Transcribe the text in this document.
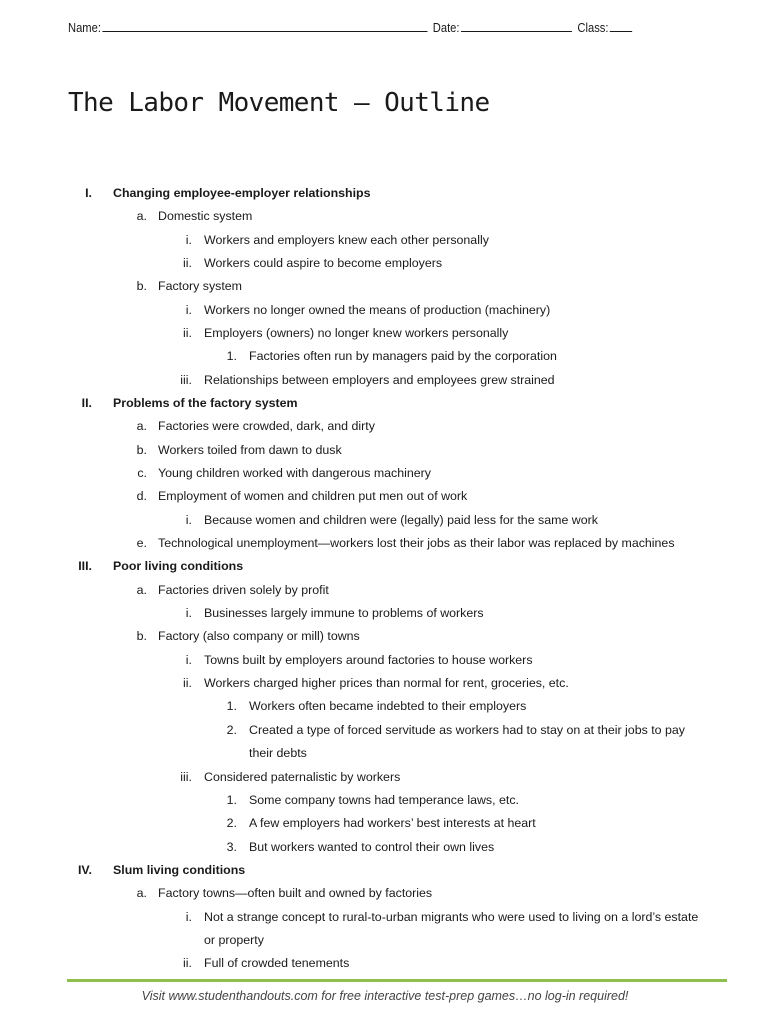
Name:	Date:	Class:
The Labor Movement – Outline
I. Changing employee-employer relationships
a. Domestic system
i. Workers and employers knew each other personally
ii. Workers could aspire to become employers
b. Factory system
i. Workers no longer owned the means of production (machinery)
ii. Employers (owners) no longer knew workers personally
1. Factories often run by managers paid by the corporation
iii. Relationships between employers and employees grew strained
II. Problems of the factory system
a. Factories were crowded, dark, and dirty
b. Workers toiled from dawn to dusk
c. Young children worked with dangerous machinery
d. Employment of women and children put men out of work
i. Because women and children were (legally) paid less for the same work
e. Technological unemployment—workers lost their jobs as their labor was replaced by machines
III. Poor living conditions
a. Factories driven solely by profit
i. Businesses largely immune to problems of workers
b. Factory (also company or mill) towns
i. Towns built by employers around factories to house workers
ii. Workers charged higher prices than normal for rent, groceries, etc.
1. Workers often became indebted to their employers
2. Created a type of forced servitude as workers had to stay on at their jobs to pay
their debts
iii. Considered paternalistic by workers
1. Some company towns had temperance laws, etc.
2. A few employers had workers’ best interests at heart
3. But workers wanted to control their own lives
IV. Slum living conditions
a. Factory towns—often built and owned by factories
i. Not a strange concept to rural-to-urban migrants who were used to living on a lord’s estate
or property
ii. Full of crowded tenements
Visit www.studenthandouts.com for free interactive test-prep games…no log-in required!
